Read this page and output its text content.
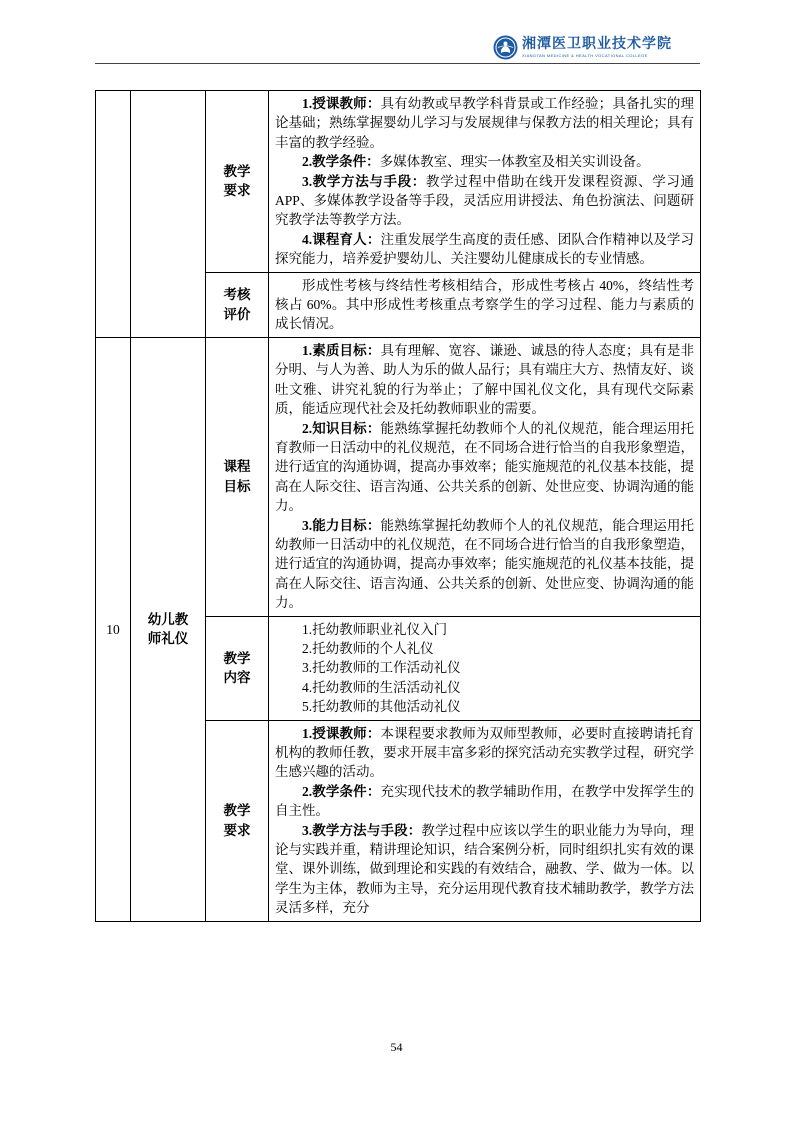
湘潭医卫职业技术学院
XIANGTAN MEDICINE & HEALTH VOCATIONAL COLLEGE
		教学要求	1.授课教师：具有幼教或早教学科背景或工作经验；具备扎实的理论基础；熟练掌握婴幼儿学习与发展规律与保教方法的相关理论；具有丰富的教学经验。
2.教学条件：多媒体教室、理实一体教室及相关实训设备。
3.教学方法与手段：教学过程中借助在线开发课程资源、学习通APP、多媒体教学设备等手段，灵活应用讲授法、角色扮演法、问题研究教学法等教学方法。
4.课程育人：注重发展学生高度的责任感、团队合作精神以及学习探究能力，培养爱护婴幼儿、关注婴幼儿健康成长的专业情感。

		考核评价	形成性考核与终结性考核相结合，形成性考核占 40%，终结性考核占 60%。其中形成性考核重点考察学生的学习过程、能力与素质的成长情况。

10	幼儿教师礼仪	课程目标	1.素质目标：具有理解、宽容、谦逊、诚恳的待人态度；具有是非分明、与人为善、助人为乐的做人品行；具有端庄大方、热情友好、谈吐文雅、讲究礼貌的行为举止；了解中国礼仪文化，具有现代交际素质，能适应现代社会及托幼教师职业的需要。
2.知识目标：能熟练掌握托幼教师个人的礼仪规范，能合理运用托育教师一日活动中的礼仪规范，在不同场合进行恰当的自我形象塑造，进行适宜的沟通协调，提高办事效率；能实施规范的礼仪基本技能，提高在人际交往、语言沟通、公共关系的创新、处世应变、协调沟通的能力。
3.能力目标：能熟练掌握托幼教师个人的礼仪规范，能合理运用托幼教师一日活动中的礼仪规范，在不同场合进行恰当的自我形象塑造，进行适宜的沟通协调，提高办事效率；能实施规范的礼仪基本技能，提高在人际交往、语言沟通、公共关系的创新、处世应变、协调沟通的能力。

		教学内容	1.托幼教师职业礼仪入门
2.托幼教师的个人礼仪
3.托幼教师的工作活动礼仪
4.托幼教师的生活活动礼仪
5.托幼教师的其他活动礼仪

		教学要求	1.授课教师：本课程要求教师为双师型教师，必要时直接聘请托育机构的教师任教，要求开展丰富多彩的探究活动充实教学过程，研究学生感兴趣的活动。
2.教学条件：充实现代技术的教学辅助作用，在教学中发挥学生的自主性。
3.教学方法与手段：教学过程中应该以学生的职业能力为导向，理论与实践并重，精讲理论知识，结合案例分析，同时组织扎实有效的课堂、课外训练，做到理论和实践的有效结合，融教、学、做为一体。以学生为主体，教师为主导，充分运用现代教育技术辅助教学，教学方法灵活多样，充分
54
